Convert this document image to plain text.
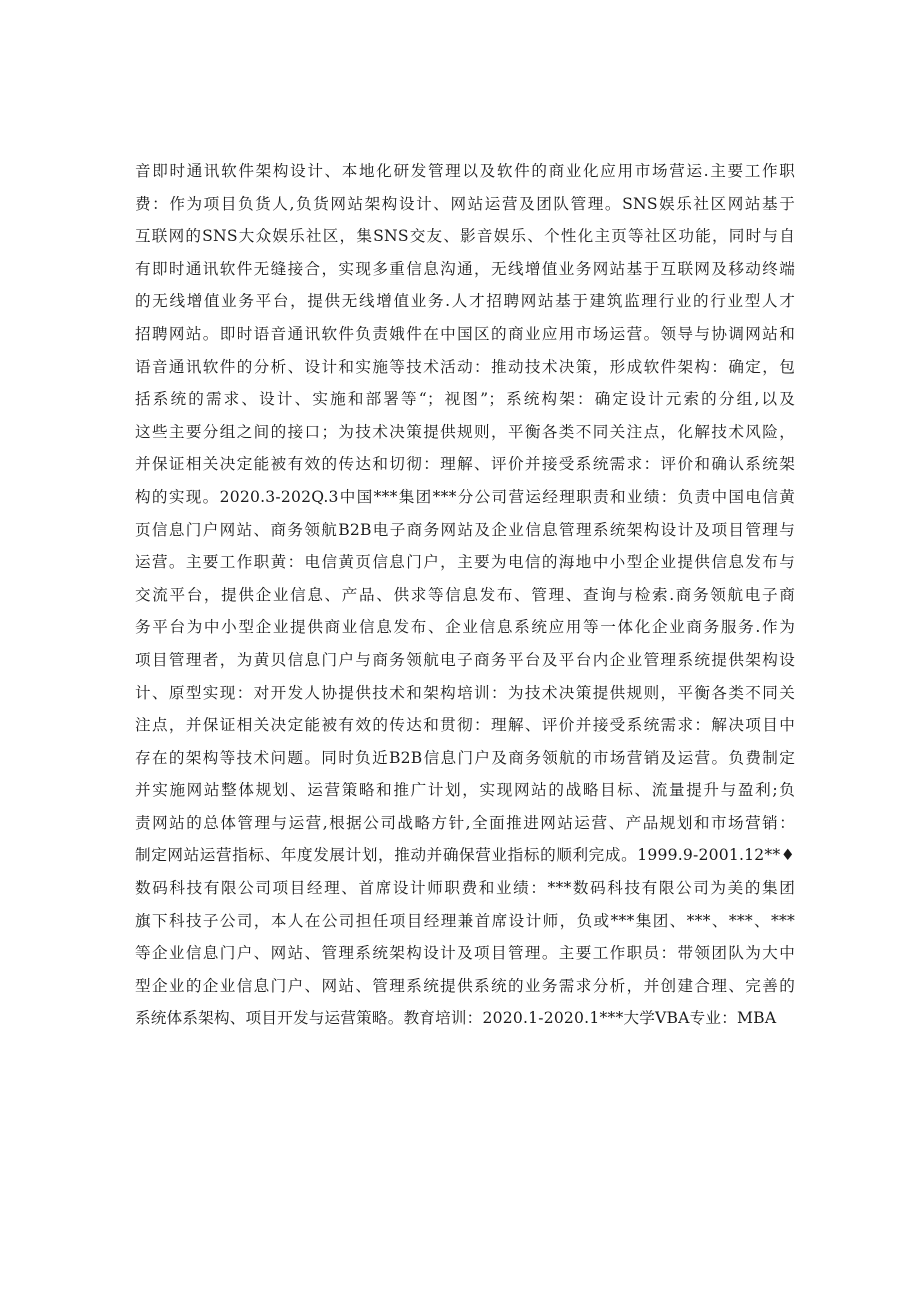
音即时通讯软件架构设计、本地化研发管理以及软件的商业化应用市场营运.主要工作职
费：作为项目负货人,负货网站架构设计、网站运营及团队管理。SNS娱乐社区网站基于
互联网的SNS大众娱乐社区，集SNS交友、影音娱乐、个性化主页等社区功能，同时与自
有即时通讯软件无缝接合，实现多重信息沟通，无线增值业务网站基于互联网及移动终端
的无线增值业务平台，提供无线增值业务.人才招聘网站基于建筑监理行业的行业型人才
招聘网站。即时语音通讯软件负责娥件在中国区的商业应用市场运营。领导与协调网站和
语音通讯软件的分析、设计和实施等技术活动：推动技术决策，形成软件架构：确定，包
括系统的需求、设计、实施和部署等“；视图”；系统构架：确定设计元索的分组,以及
这些主要分组之间的接口；为技术决策提供规则，平衡各类不同关注点，化解技术风险，
并保证相关决定能被有效的传达和切彻：理解、评价并接受系统需求：评价和确认系统架
构的实现。2020.3-202Q.3中国***集团***分公司营运经理职责和业绩：负责中国电信黄
页信息门户网站、商务领航B2B电子商务网站及企业信息管理系统架构设计及项目管理与
运营。主要工作职黄：电信黄页信息门户，主要为电信的海地中小型企业提供信息发布与
交流平台，提供企业信息、产品、供求等信息发布、管理、查询与检索.商务领航电子商
务平台为中小型企业提供商业信息发布、企业信息系统应用等一体化企业商务服务.作为
项目管理者，为黄贝信息门户与商务领航电子商务平台及平台内企业管理系统提供架构设
计、原型实现：对开发人协提供技术和架构培训：为技术决策提供规则，平衡各类不同关
注点，并保证相关决定能被有效的传达和贯彻：理解、评价并接受系统需求：解决项目中
存在的架构等技术问题。同时负近B2B信息门户及商务领航的市场营销及运营。负费制定
并实施网站整体规划、运营策略和推广计划，实现网站的战略目标、流量提升与盈利;负
责网站的总体管理与运营,根据公司战略方针,全面推进网站运营、产品规划和市场营销：
制定网站运营指标、年度发展计划，推动并确保营业指标的顺利完成。1999.9-2001.12**♦
数码科技有限公司项目经理、首席设计师职费和业绩：***数码科技有限公司为美的集团
旗下科技子公司，本人在公司担任项目经理兼首席设计师，负或***集团、***、***、***
等企业信息门户、网站、管理系统架构设计及项目管理。主要工作职员：带领团队为大中
型企业的企业信息门户、网站、管理系统提供系统的业务需求分析，并创建合理、完善的
系统体系架构、项目开发与运营策略。教育培训：2020.1-2020.1***大学VBA专业：MBA
